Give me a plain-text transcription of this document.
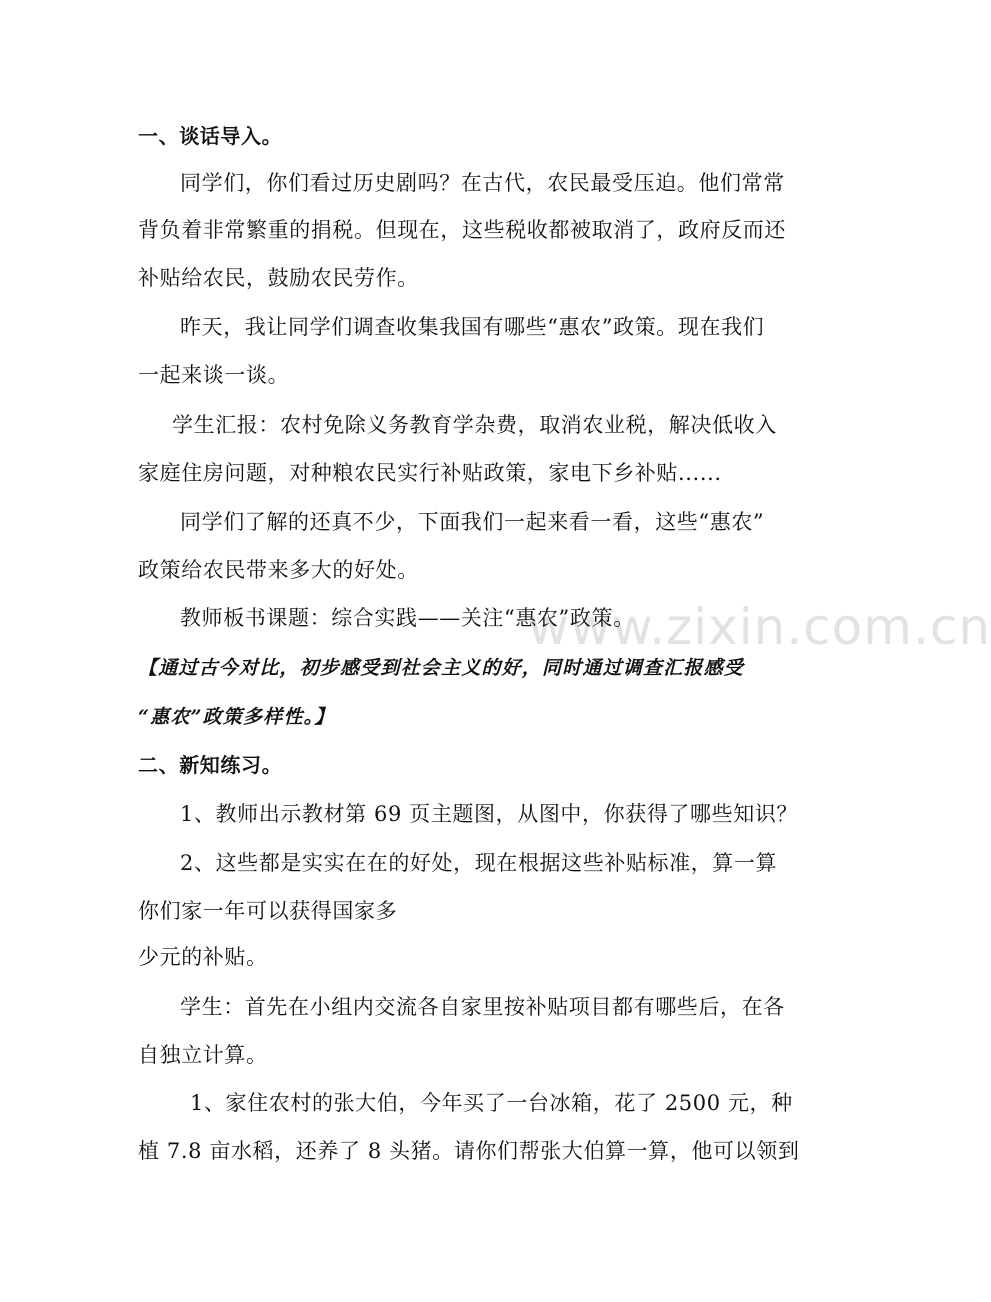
www.zixin.com.cn
一、谈话导入。
同学们，你们看过历史剧吗？在古代，农民最受压迫。他们常常
背负着非常繁重的捐税。但现在，这些税收都被取消了，政府反而还
补贴给农民，鼓励农民劳作。
昨天，我让同学们调查收集我国有哪些“惠农”政策。现在我们
一起来谈一谈。
学生汇报：农村免除义务教育学杂费，取消农业税，解决低收入
家庭住房问题，对种粮农民实行补贴政策，家电下乡补贴......
同学们了解的还真不少，下面我们一起来看一看，这些“惠农”
政策给农民带来多大的好处。
教师板书课题：综合实践——关注“惠农”政策。
【通过古今对比，初步感受到社会主义的好，同时通过调查汇报感受
“惠农”政策多样性。】
二、新知练习。
1、教师出示教材第 69 页主题图，从图中，你获得了哪些知识？
2、这些都是实实在在的好处，现在根据这些补贴标准，算一算
你们家一年可以获得国家多
少元的补贴。
学生：首先在小组内交流各自家里按补贴项目都有哪些后，在各
自独立计算。
1、家住农村的张大伯，今年买了一台冰箱，花了 2500 元，种
植 7.8 亩水稻，还养了 8 头猪。请你们帮张大伯算一算，他可以领到
